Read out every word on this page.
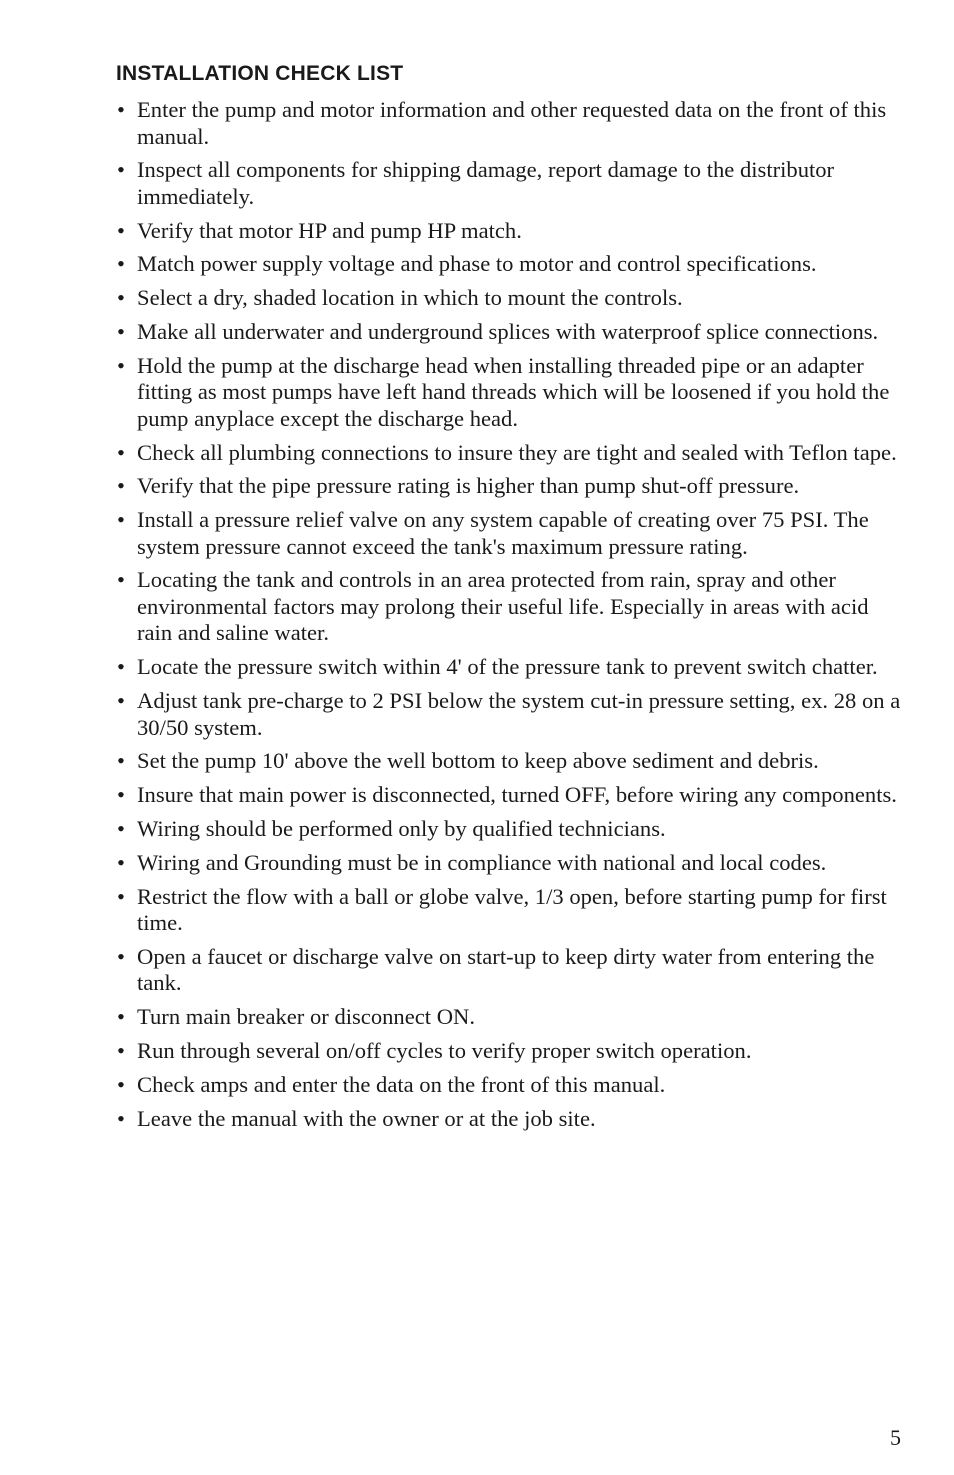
INSTALLATION CHECK LIST
• Enter the pump and motor information and other requested data on the front of this manual.
• Inspect all components for shipping damage, report damage to the distributor immediately.
• Verify that motor HP and pump HP match.
• Match power supply voltage and phase to motor and control specifications.
• Select a dry, shaded location in which to mount the controls.
• Make all underwater and underground splices with waterproof splice connections.
• Hold the pump at the discharge head when installing threaded pipe or an adapter fitting as most pumps have left hand threads which will be loosened if you hold the pump anyplace except the discharge head.
• Check all plumbing connections to insure they are tight and sealed with Teflon tape.
• Verify that the pipe pressure rating is higher than pump shut-off pressure.
• Install a pressure relief valve on any system capable of creating over 75 PSI. The system pressure cannot exceed the tank's maximum pressure rating.
• Locating the tank and controls in an area protected from rain, spray and other environmental factors may prolong their useful life. Especially in areas with acid rain and saline water.
• Locate the pressure switch within 4' of the pressure tank to prevent switch chatter.
• Adjust tank pre-charge to 2 PSI below the system cut-in pressure setting, ex. 28 on a 30/50 system.
• Set the pump 10' above the well bottom to keep above sediment and debris.
• Insure that main power is disconnected, turned OFF, before wiring any components.
• Wiring should be performed only by qualified technicians.
• Wiring and Grounding must be in compliance with national and local codes.
• Restrict the flow with a ball or globe valve, 1/3 open, before starting pump for first time.
• Open a faucet or discharge valve on start-up to keep dirty water from entering the tank.
• Turn main breaker or disconnect ON.
• Run through several on/off cycles to verify proper switch operation.
• Check amps and enter the data on the front of this manual.
• Leave the manual with the owner or at the job site.
5
